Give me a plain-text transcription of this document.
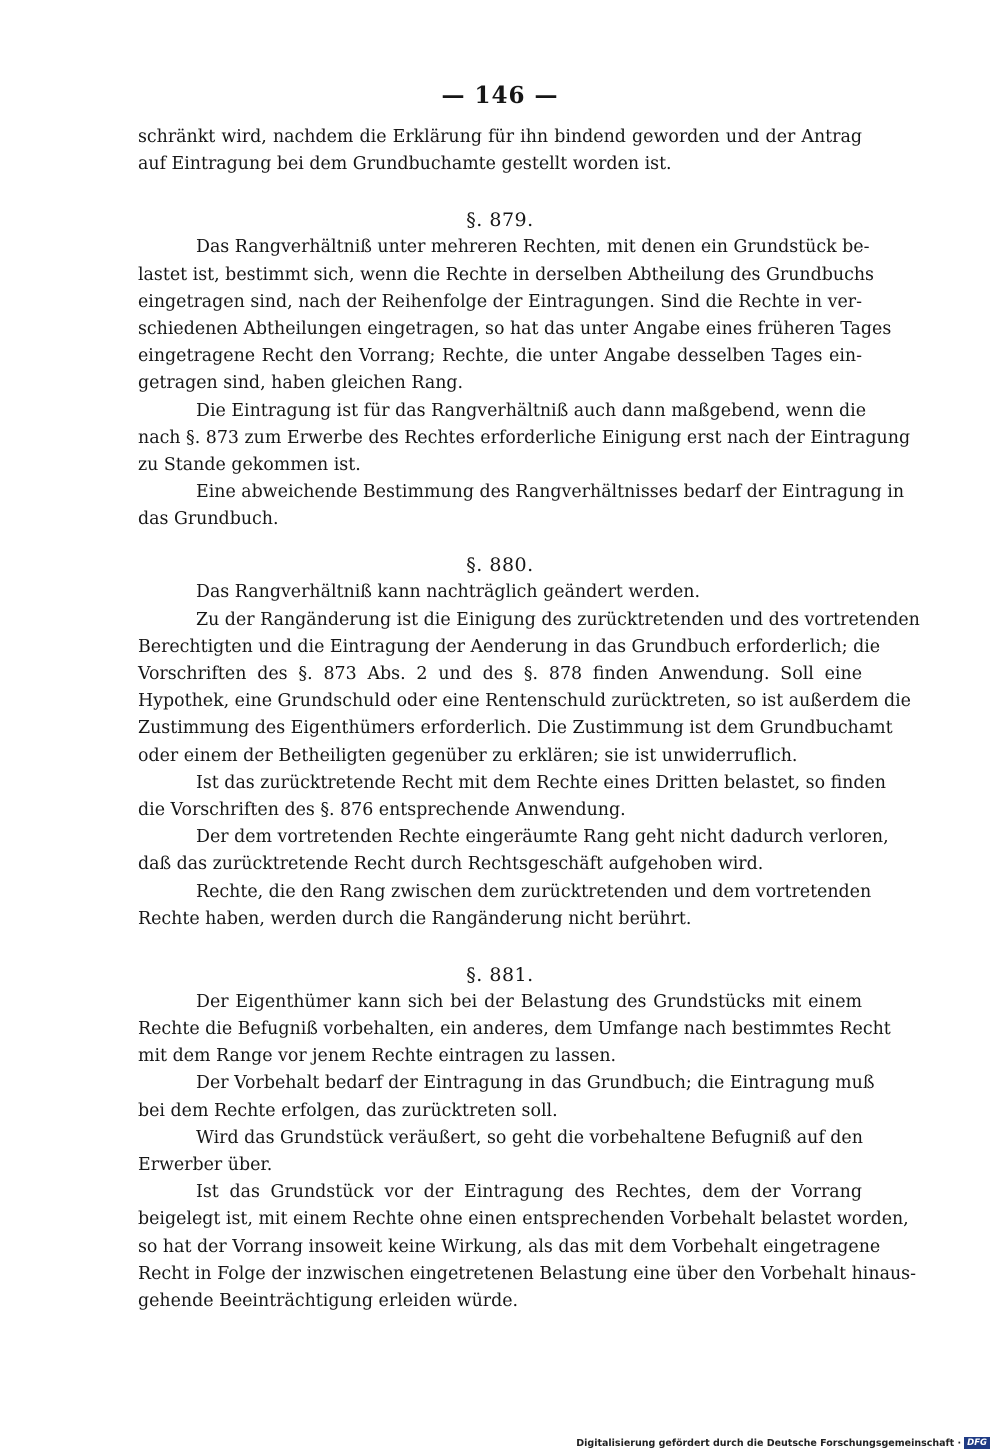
— 146 —
schränkt wird, nachdem die Erklärung für ihn bindend geworden und der Antrag
auf Eintragung bei dem Grundbuchamte gestellt worden ist.
§. 879.
Das Rangverhältniß unter mehreren Rechten, mit denen ein Grundstück be-
lastet ist, bestimmt sich, wenn die Rechte in derselben Abtheilung des Grundbuchs
eingetragen sind, nach der Reihenfolge der Eintragungen. Sind die Rechte in ver-
schiedenen Abtheilungen eingetragen, so hat das unter Angabe eines früheren Tages
eingetragene Recht den Vorrang; Rechte, die unter Angabe desselben Tages ein-
getragen sind, haben gleichen Rang.
Die Eintragung ist für das Rangverhältniß auch dann maßgebend, wenn die
nach §. 873 zum Erwerbe des Rechtes erforderliche Einigung erst nach der Eintragung
zu Stande gekommen ist.
Eine abweichende Bestimmung des Rangverhältnisses bedarf der Eintragung in
das Grundbuch.
§. 880.
Das Rangverhältniß kann nachträglich geändert werden.
Zu der Rangänderung ist die Einigung des zurücktretenden und des vortretenden
Berechtigten und die Eintragung der Aenderung in das Grundbuch erforderlich; die
Vorschriften des §. 873 Abs. 2 und des §. 878 finden Anwendung. Soll eine
Hypothek, eine Grundschuld oder eine Rentenschuld zurücktreten, so ist außerdem die
Zustimmung des Eigenthümers erforderlich. Die Zustimmung ist dem Grundbuchamt
oder einem der Betheiligten gegenüber zu erklären; sie ist unwiderruflich.
Ist das zurücktretende Recht mit dem Rechte eines Dritten belastet, so finden
die Vorschriften des §. 876 entsprechende Anwendung.
Der dem vortretenden Rechte eingeräumte Rang geht nicht dadurch verloren,
daß das zurücktretende Recht durch Rechtsgeschäft aufgehoben wird.
Rechte, die den Rang zwischen dem zurücktretenden und dem vortretenden
Rechte haben, werden durch die Rangänderung nicht berührt.
§. 881.
Der Eigenthümer kann sich bei der Belastung des Grundstücks mit einem
Rechte die Befugniß vorbehalten, ein anderes, dem Umfange nach bestimmtes Recht
mit dem Range vor jenem Rechte eintragen zu lassen.
Der Vorbehalt bedarf der Eintragung in das Grundbuch; die Eintragung muß
bei dem Rechte erfolgen, das zurücktreten soll.
Wird das Grundstück veräußert, so geht die vorbehaltene Befugniß auf den
Erwerber über.
Ist das Grundstück vor der Eintragung des Rechtes, dem der Vorrang
beigelegt ist, mit einem Rechte ohne einen entsprechenden Vorbehalt belastet worden,
so hat der Vorrang insoweit keine Wirkung, als das mit dem Vorbehalt eingetragene
Recht in Folge der inzwischen eingetretenen Belastung eine über den Vorbehalt hinaus-
gehende Beeinträchtigung erleiden würde.
Digitalisierung gefördert durch die Deutsche Forschungsgemeinschaft · DFG
